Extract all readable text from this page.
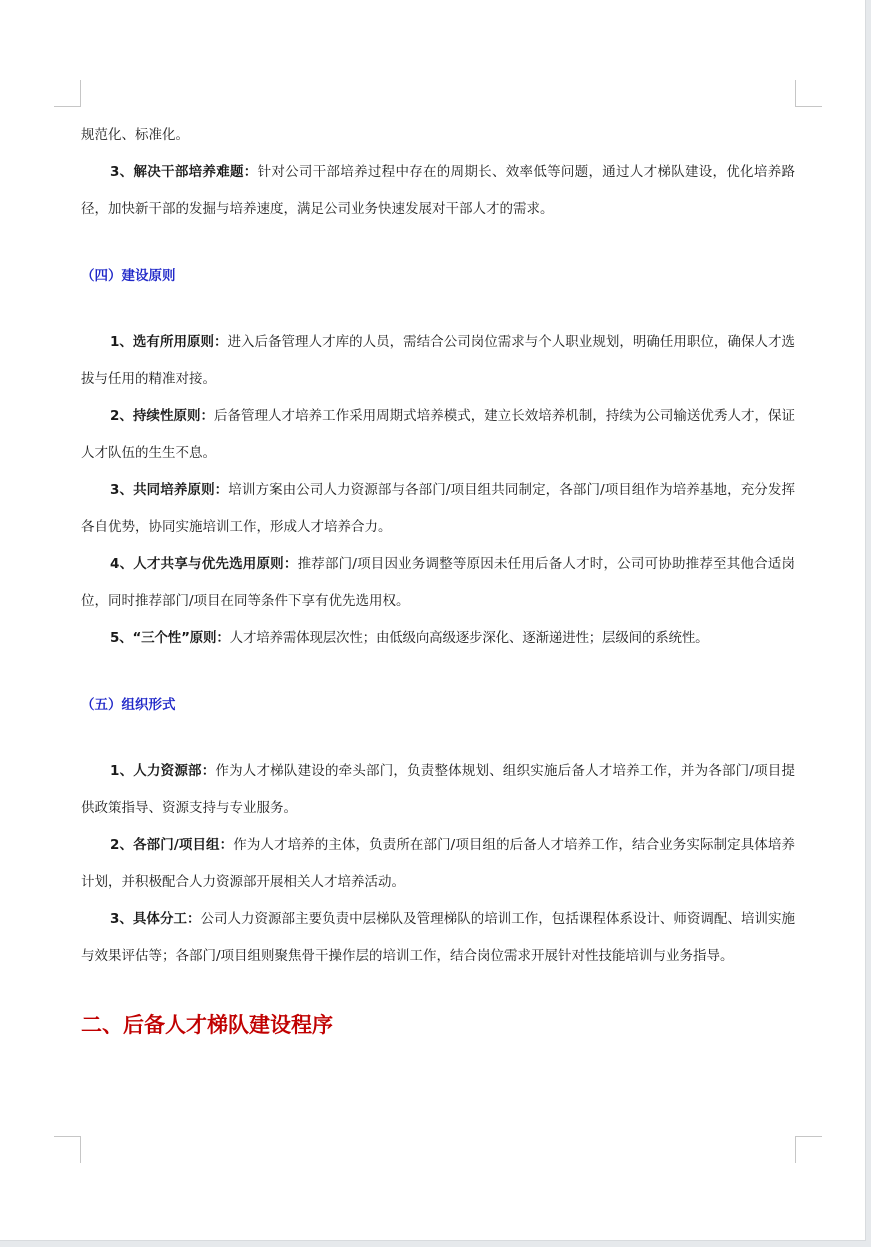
规范化、标准化。

3、解决干部培养难题：针对公司干部培养过程中存在的周期长、效率低等问题，通过人才梯队建设，优化培养路径，加快新干部的发掘与培养速度，满足公司业务快速发展对干部人才的需求。

（四）建设原则

1、选有所用原则：进入后备管理人才库的人员，需结合公司岗位需求与个人职业规划，明确任用职位，确保人才选拔与任用的精准对接。

2、持续性原则：后备管理人才培养工作采用周期式培养模式，建立长效培养机制，持续为公司输送优秀人才，保证人才队伍的生生不息。

3、共同培养原则：培训方案由公司人力资源部与各部门/项目组共同制定，各部门/项目组作为培养基地，充分发挥各自优势，协同实施培训工作，形成人才培养合力。

4、人才共享与优先选用原则：推荐部门/项目因业务调整等原因未任用后备人才时，公司可协助推荐至其他合适岗位，同时推荐部门/项目在同等条件下享有优先选用权。

5、“三个性”原则：人才培养需体现层次性；由低级向高级逐步深化、逐渐递进性；层级间的系统性。

（五）组织形式

1、人力资源部：作为人才梯队建设的牵头部门，负责整体规划、组织实施后备人才培养工作，并为各部门/项目提供政策指导、资源支持与专业服务。

2、各部门/项目组：作为人才培养的主体，负责所在部门/项目组的后备人才培养工作，结合业务实际制定具体培养计划，并积极配合人力资源部开展相关人才培养活动。

3、具体分工：公司人力资源部主要负责中层梯队及管理梯队的培训工作，包括课程体系设计、师资调配、培训实施与效果评估等；各部门/项目组则聚焦骨干操作层的培训工作，结合岗位需求开展针对性技能培训与业务指导。

二、后备人才梯队建设程序
